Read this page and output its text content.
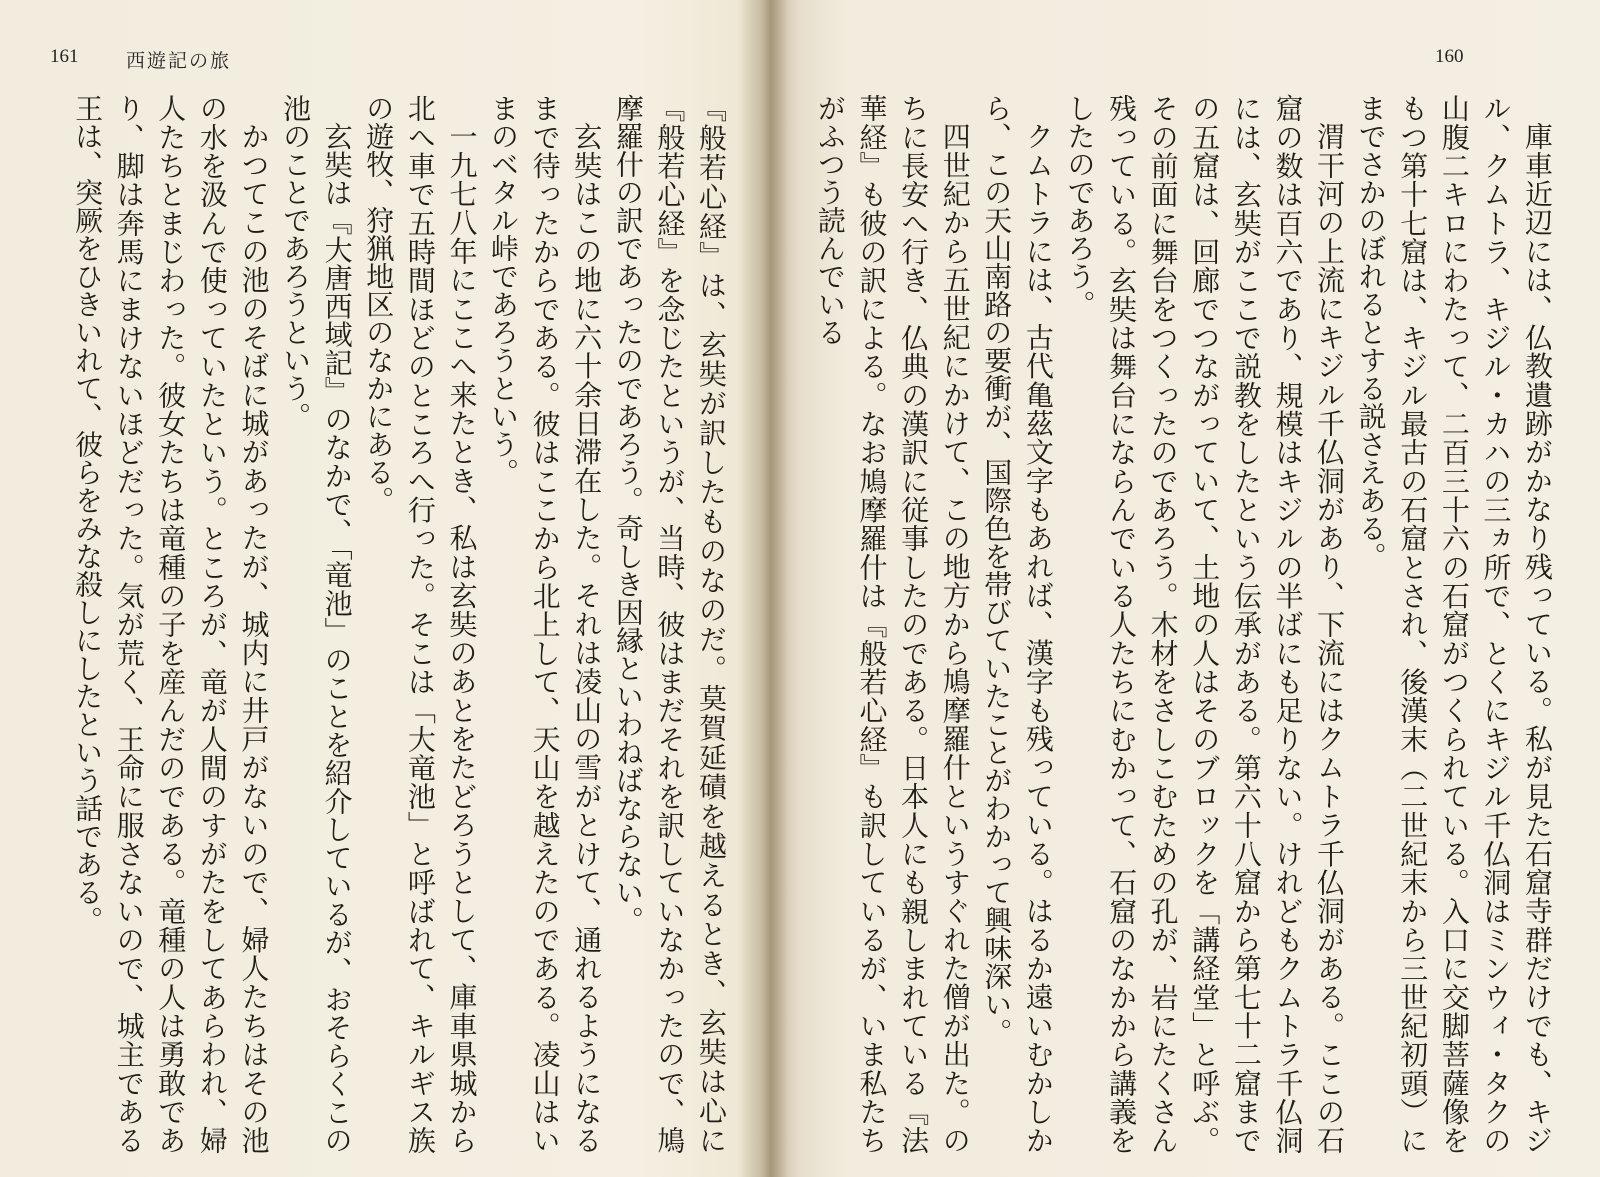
161	西遊記の旅

『般若心経』は、玄奘が訳したものなのだ。莫賀延磧を越えるとき、玄奘は心に『般若心経』を念じたというが、当時、彼はまだそれを訳していなかったので、鳩摩羅什の訳であったのであろう。奇しき因縁といわねばならない。

玄奘はこの地に六十余日滞在した。それは凌山の雪がとけて、通れるようになるまで待ったからである。彼はここから北上して、天山を越えたのである。凌山はいまのベタル峠であろうという。

一九七八年にここへ来たとき、私は玄奘のあとをたどろうとして、庫車県城から北へ車で五時間ほどのところへ行った。そこは「大竜池」と呼ばれて、キルギス族の遊牧、狩猟地区のなかにある。

玄奘は『大唐西域記』のなかで、「竜池」のことを紹介しているが、おそらくこの池のことであろうという。

かつてこの池のそばに城があったが、城内に井戸がないので、婦人たちはその池の水を汲んで使っていたという。ところが、竜が人間のすがたをしてあらわれ、婦人たちとまじわった。彼女たちは竜種の子を産んだのである。竜種の人は勇敢であり、脚は奔馬にまけないほどだった。気が荒く、王命に服さないので、城主である王は、突厥をひきいれて、彼らをみな殺しにしたという話である。

160

庫車近辺には、仏教遺跡がかなり残っている。私が見た石窟寺群だけでも、キジル、クムトラ、キジル・カハの三ヵ所で、とくにキジル千仏洞はミンウィ・タクの山腹二キロにわたって、二百三十六の石窟がつくられている。入口に交脚菩薩像をもつ第十七窟は、キジル最古の石窟とされ、後漢末（二世紀末から三世紀初頭）にまでさかのぼれるとする説さえある。

渭干河の上流にキジル千仏洞があり、下流にはクムトラ千仏洞がある。ここの石窟の数は百六であり、規模はキジルの半ばにも足りない。けれどもクムトラ千仏洞には、玄奘がここで説教をしたという伝承がある。第六十八窟から第七十二窟までの五窟は、回廊でつながっていて、土地の人はそのブロックを「講経堂」と呼ぶ。その前面に舞台をつくったのであろう。木材をさしこむための孔が、岩にたくさん残っている。玄奘は舞台にならんでいる人たちにむかって、石窟のなかから講義をしたのであろう。

クムトラには、古代亀茲文字もあれば、漢字も残っている。はるか遠いむかしから、この天山南路の要衝が、国際色を帯びていたことがわかって興味深い。

四世紀から五世紀にかけて、この地方から鳩摩羅什というすぐれた僧が出た。のちに長安へ行き、仏典の漢訳に従事したのである。日本人にも親しまれている『法華経』も彼の訳による。なお鳩摩羅什は『般若心経』も訳しているが、いま私たちがふつう読んでいる
